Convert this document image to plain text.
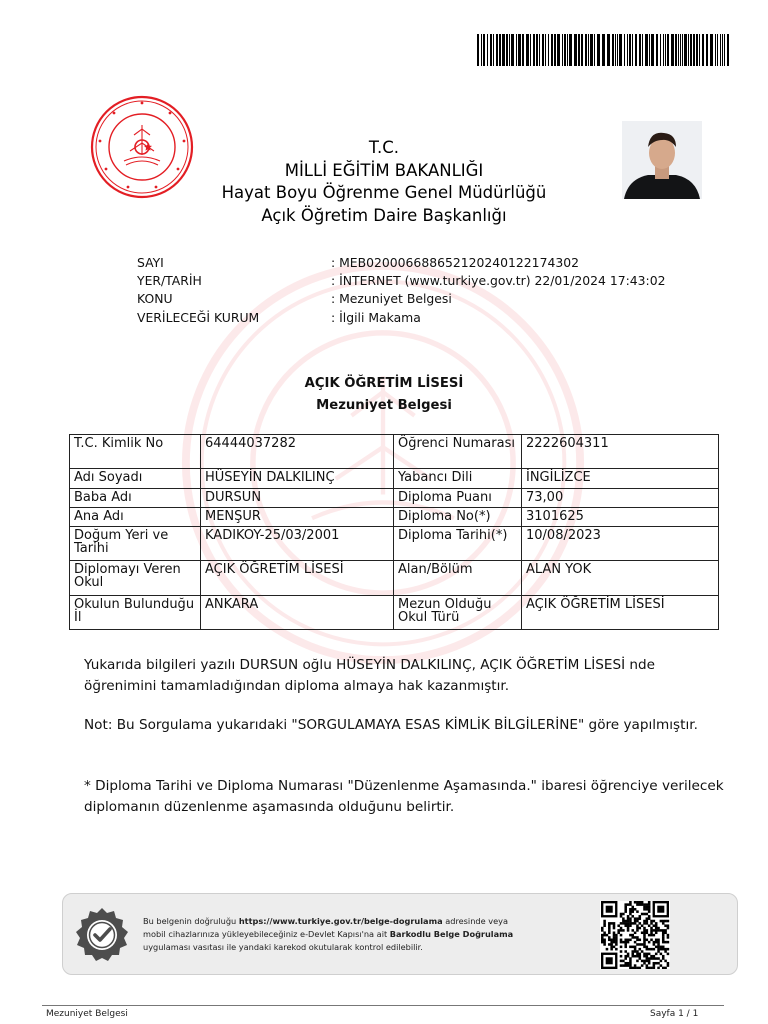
T.C.
MİLLİ EĞİTİM BAKANLIĞI
Hayat Boyu Öğrenme Genel Müdürlüğü
Açık Öğretim Daire Başkanlığı
SAYI	: MEB020006688652120240122174302
YER/TARİH	: İNTERNET (www.turkiye.gov.tr) 22/01/2024 17:43:02
KONU	: Mezuniyet Belgesi
VERİLECEĞİ KURUM	: İlgili Makama
AÇIK ÖĞRETİM LİSESİ
Mezuniyet Belgesi
T.C. Kimlik No	64444037282	Öğrenci Numarası	2222604311
Adı Soyadı	HÜSEYİN DALKILINÇ	Yabancı Dili	İNGİLİZCE
Baba Adı	DURSUN	Diploma Puanı	73,00
Ana Adı	MENŞUR	Diploma No(*)	3101625
Doğum Yeri ve Tarihi	KADIKOY-25/03/2001	Diploma Tarihi(*)	10/08/2023
Diplomayı Veren Okul	AÇIK ÖĞRETİM LİSESİ	Alan/Bölüm	ALAN YOK
Okulun Bulunduğu İl	ANKARA	Mezun Olduğu Okul Türü	AÇIK ÖĞRETİM LİSESİ
Yukarıda bilgileri yazılı DURSUN oğlu HÜSEYİN DALKILINÇ, AÇIK ÖĞRETİM LİSESİ nde öğrenimini tamamladığından diploma almaya hak kazanmıştır.
Not: Bu Sorgulama yukarıdaki "SORGULAMAYA ESAS KİMLİK BİLGİLERİNE" göre yapılmıştır.
* Diploma Tarihi ve Diploma Numarası "Düzenlenme Aşamasında." ibaresi öğrenciye verilecek diplomanın düzenlenme aşamasında olduğunu belirtir.
Bu belgenin doğruluğu https://www.turkiye.gov.tr/belge-dogrulama adresinde veya
mobil cihazlarınıza yükleyebileceğiniz e-Devlet Kapısı'na ait Barkodlu Belge Doğrulama
uygulaması vasıtası ile yandaki karekod okutularak kontrol edilebilir.
Mezuniyet Belgesi	Sayfa 1 / 1
